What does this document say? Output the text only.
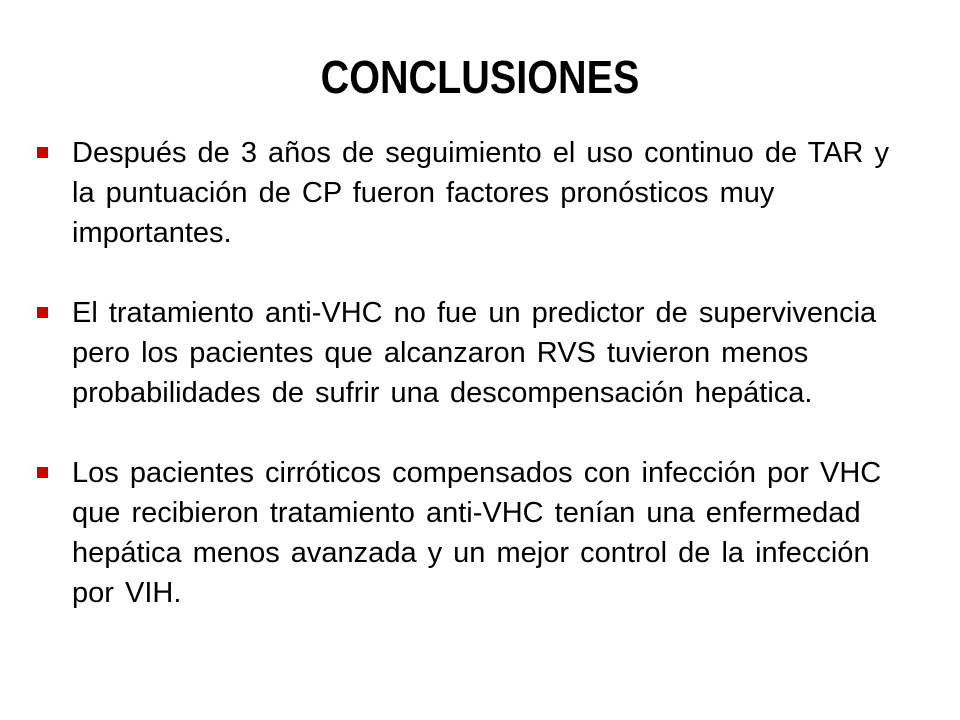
CONCLUSIONES
Después de 3 años de seguimiento el uso continuo de TAR y la puntuación de CP fueron factores pronósticos muy importantes.
El tratamiento anti-VHC no fue un predictor de supervivencia pero los pacientes que alcanzaron RVS tuvieron menos probabilidades de sufrir una descompensación hepática.
Los pacientes cirróticos compensados con infección por VHC que recibieron tratamiento anti-VHC tenían una enfermedad hepática menos avanzada y un mejor control de la infección por VIH.
